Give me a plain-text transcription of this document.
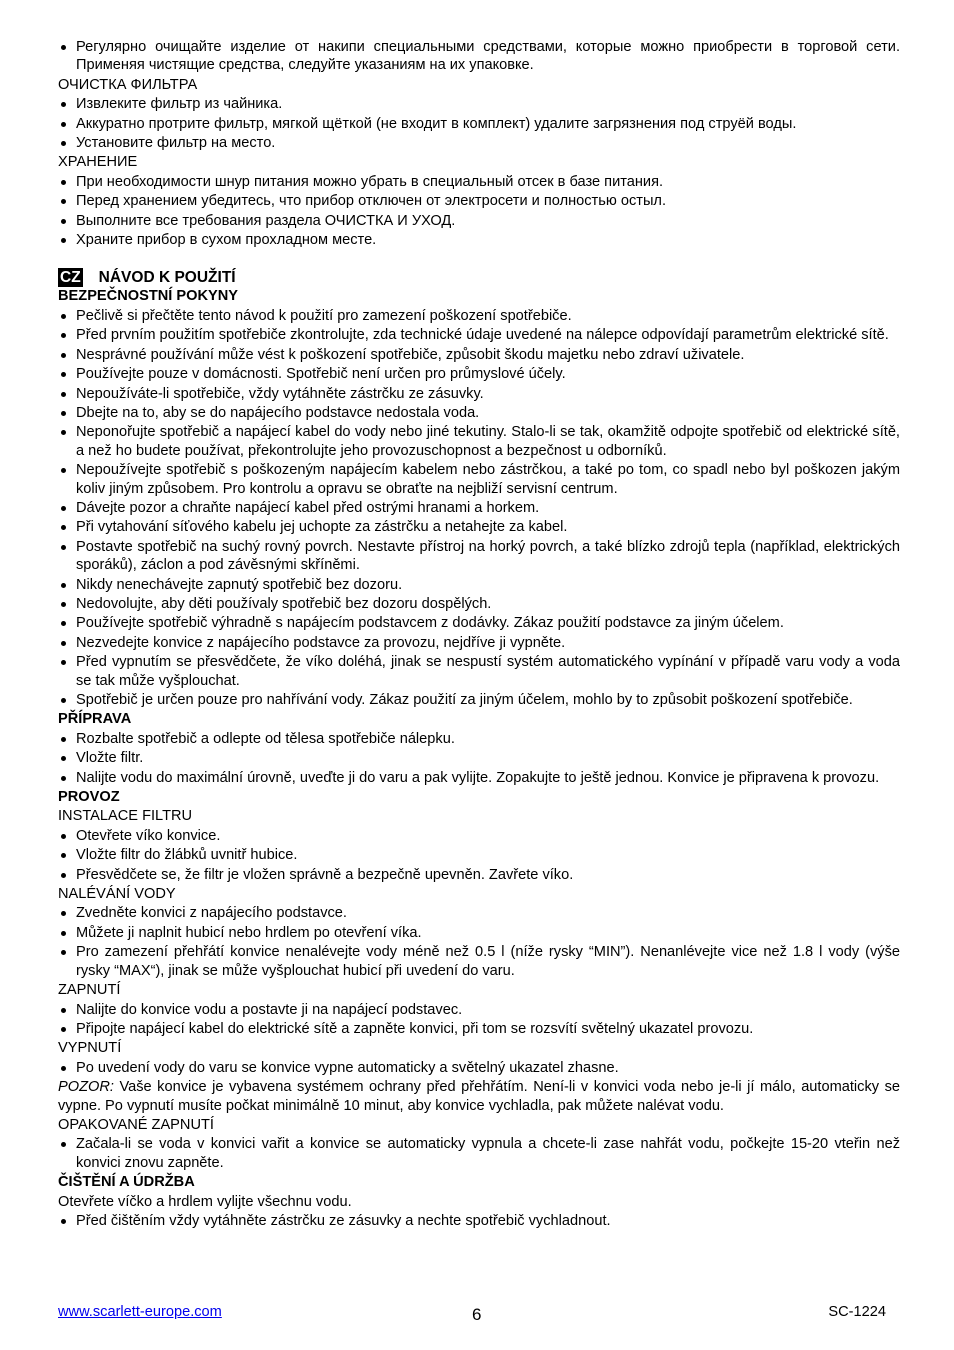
Регулярно очищайте изделие от накипи специальными средствами, которые можно приобрести в торговой сети. Применяя чистящие средства, следуйте указаниям на их упаковке.
ОЧИСТКА ФИЛЬТРА
Извлеките фильтр из чайника.
Аккуратно протрите фильтр, мягкой щёткой (не входит в комплект) удалите загрязнения под струёй воды.
Установите фильтр на место.
ХРАНЕНИЕ
При необходимости шнур питания можно убрать в специальный отсек в базе питания.
Перед хранением убедитесь, что прибор отключен от электросети и полностью остыл.
Выполните все требования раздела ОЧИСТКА И УХОД.
Храните прибор в сухом прохладном месте.
CZ NÁVOD K POUŽITÍ
BEZPEČNOSTNÍ POKYNY
Pečlivě si přečtěte tento návod k použití pro zamezení poškození spotřebiče.
Před prvním použitím spotřebiče zkontrolujte, zda technické údaje uvedené na nálepce odpovídají parametrům elektrické sítě.
Nesprávné používání může vést k poškození spotřebiče, způsobit škodu majetku nebo zdraví uživatele.
Používejte pouze v domácnosti. Spotřebič není určen pro průmyslové účely.
Nepoužíváte-li spotřebiče, vždy vytáhněte zástrčku ze zásuvky.
Dbejte na to, aby se do napájecího podstavce nedostala voda.
Neponořujte spotřebič a napájecí kabel do vody nebo jiné tekutiny. Stalo-li se tak, okamžitě odpojte spotřebič od elektrické sítě, a než ho budete používat, překontrolujte jeho provozuschopnost a bezpečnost u odborníků.
Nepoužívejte spotřebič s poškozeným napájecím kabelem nebo zástrčkou, a také po tom, co spadl nebo byl poškozen jakým koliv jiným způsobem. Pro kontrolu a opravu se obraťte na nejbliží servisní centrum.
Dávejte pozor a chraňte napájecí kabel před ostrými hranami a horkem.
Při vytahování síťového kabelu jej uchopte za zástrčku a netahejte za kabel.
Postavte spotřebič na suchý rovný povrch. Nestavte přístroj na horký povrch, a také blízko zdrojů tepla (například, elektrických sporáků), záclon a pod závěsnými skříněmi.
Nikdy nenechávejte zapnutý spotřebič bez dozoru.
Nedovolujte, aby děti používaly spotřebič bez dozoru dospělých.
Používejte spotřebič výhradně s napájecím podstavcem z dodávky. Zákaz použití podstavce za jiným účelem.
Nezvedejte konvice z napájecího podstavce za provozu, nejdříve ji vypněte.
Před vypnutím se přesvědčete, že víko doléhá, jinak se nespustí systém automatického vypínání v případě varu vody a voda se tak může vyšplouchat.
Spotřebič je určen pouze pro nahřívání vody. Zákaz použití za jiným účelem, mohlo by to způsobit poškození spotřebiče.
PŘÍPRAVA
Rozbalte spotřebič a odlepte od tělesa spotřebiče nálepku.
Vložte filtr.
Nalijte vodu do maximální úrovně, uveďte ji do varu a pak vylijte. Zopakujte to ještě jednou. Konvice je připravena k provozu.
PROVOZ
INSTALACE FILTRU
Otevřete víko konvice.
Vložte filtr do žlábků uvnitř hubice.
Přesvědčete se, že filtr je vložen správně a bezpečně upevněn. Zavřete víko.
NALÉVÁNÍ VODY
Zvedněte konvici z napájecího podstavce.
Můžete ji naplnit hubicí nebo hrdlem po otevření víka.
Pro zamezení přehřátí konvice nenalévejte vody méně než 0.5 l (níže rysky “MIN”). Nenanlévejte vice než 1.8 l vody (výše rysky “MAX“), jinak se může vyšplouchat hubicí při uvedení do varu.
ZAPNUTÍ
Nalijte do konvice vodu a postavte ji na napájecí podstavec.
Připojte napájecí kabel do elektrické sítě a zapněte konvici, při tom se rozsvítí světelný ukazatel provozu.
VYPNUTÍ
Po uvedení vody do varu se konvice vypne automaticky a světelný ukazatel zhasne.
POZOR: Vaše konvice je vybavena systémem ochrany před přehřátím. Není-li v konvici voda nebo je-li jí málo, automaticky se vypne. Po vypnutí musíte počkat minimálně 10 minut, aby konvice vychladla, pak můžete nalévat vodu.
OPAKOVANÉ ZAPNUTÍ
Začala-li se voda v konvici vařit a konvice se automaticky vypnula a chcete-li zase nahřát vodu, počkejte 15-20 vteřin než konvici znovu zapněte.
ČIŠTĚNÍ A ÚDRŽBA
Otevřete víčko a hrdlem vylijte všechnu vodu.
Před čištěním vždy vytáhněte zástrčku ze zásuvky a nechte spotřebič vychladnout.
www.scarlett-europe.com	6	SC-1224
